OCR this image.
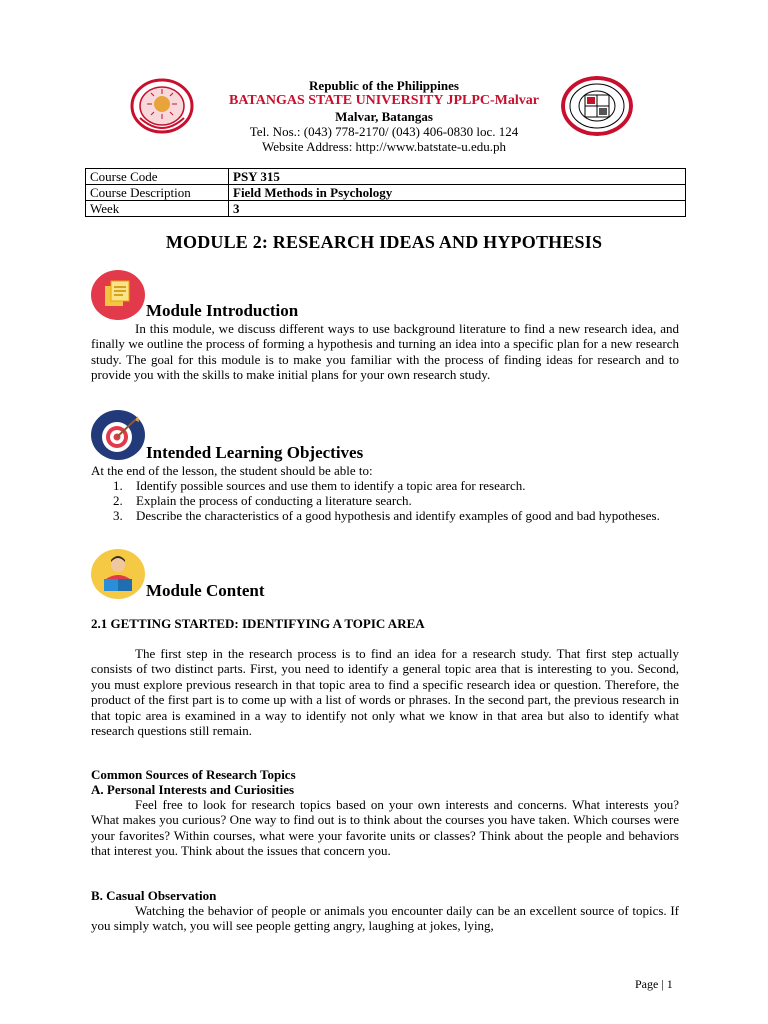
Republic of the Philippines
BATANGAS STATE UNIVERSITY JPLPC-Malvar
Malvar, Batangas
Tel. Nos.: (043) 778-2170/ (043) 406-0830 loc. 124
Website Address: http://www.batstate-u.edu.ph
Course Code	PSY 315
Course Description	Field Methods in Psychology
Week	3
MODULE 2: RESEARCH IDEAS AND HYPOTHESIS
Module Introduction

In this module, we discuss different ways to use background literature to find a new research idea, and finally we outline the process of forming a hypothesis and turning an idea into a specific plan for a new research study. The goal for this module is to make you familiar with the process of finding ideas for research and to provide you with the skills to make initial plans for your own research study.

Intended Learning Objectives
At the end of the lesson, the student should be able to:
1. Identify possible sources and use them to identify a topic area for research.
2. Explain the process of conducting a literature search.
3. Describe the characteristics of a good hypothesis and identify examples of good and bad hypotheses.
Module Content
2.1 GETTING STARTED: IDENTIFYING A TOPIC AREA

The first step in the research process is to find an idea for a research study. That first step actually consists of two distinct parts. First, you need to identify a general topic area that is interesting to you. Second, you must explore previous research in that topic area to find a specific research idea or question. Therefore, the product of the first part is to come up with a list of words or phrases. In the second part, the previous research in that topic area is examined in a way to identify not only what we know in that area but also to identify what research questions still remain.

Common Sources of Research Topics
A. Personal Interests and Curiosities

Feel free to look for research topics based on your own interests and concerns. What interests you? What makes you curious? One way to find out is to think about the courses you have taken. Which courses were your favorites? Within courses, what were your favorite units or classes? Think about the people and behaviors that interest you. Think about the issues that concern you.

B. Casual Observation

Watching the behavior of people or animals you encounter daily can be an excellent source of topics. If you simply watch, you will see people getting angry, laughing at jokes, lying,

Page | 1
